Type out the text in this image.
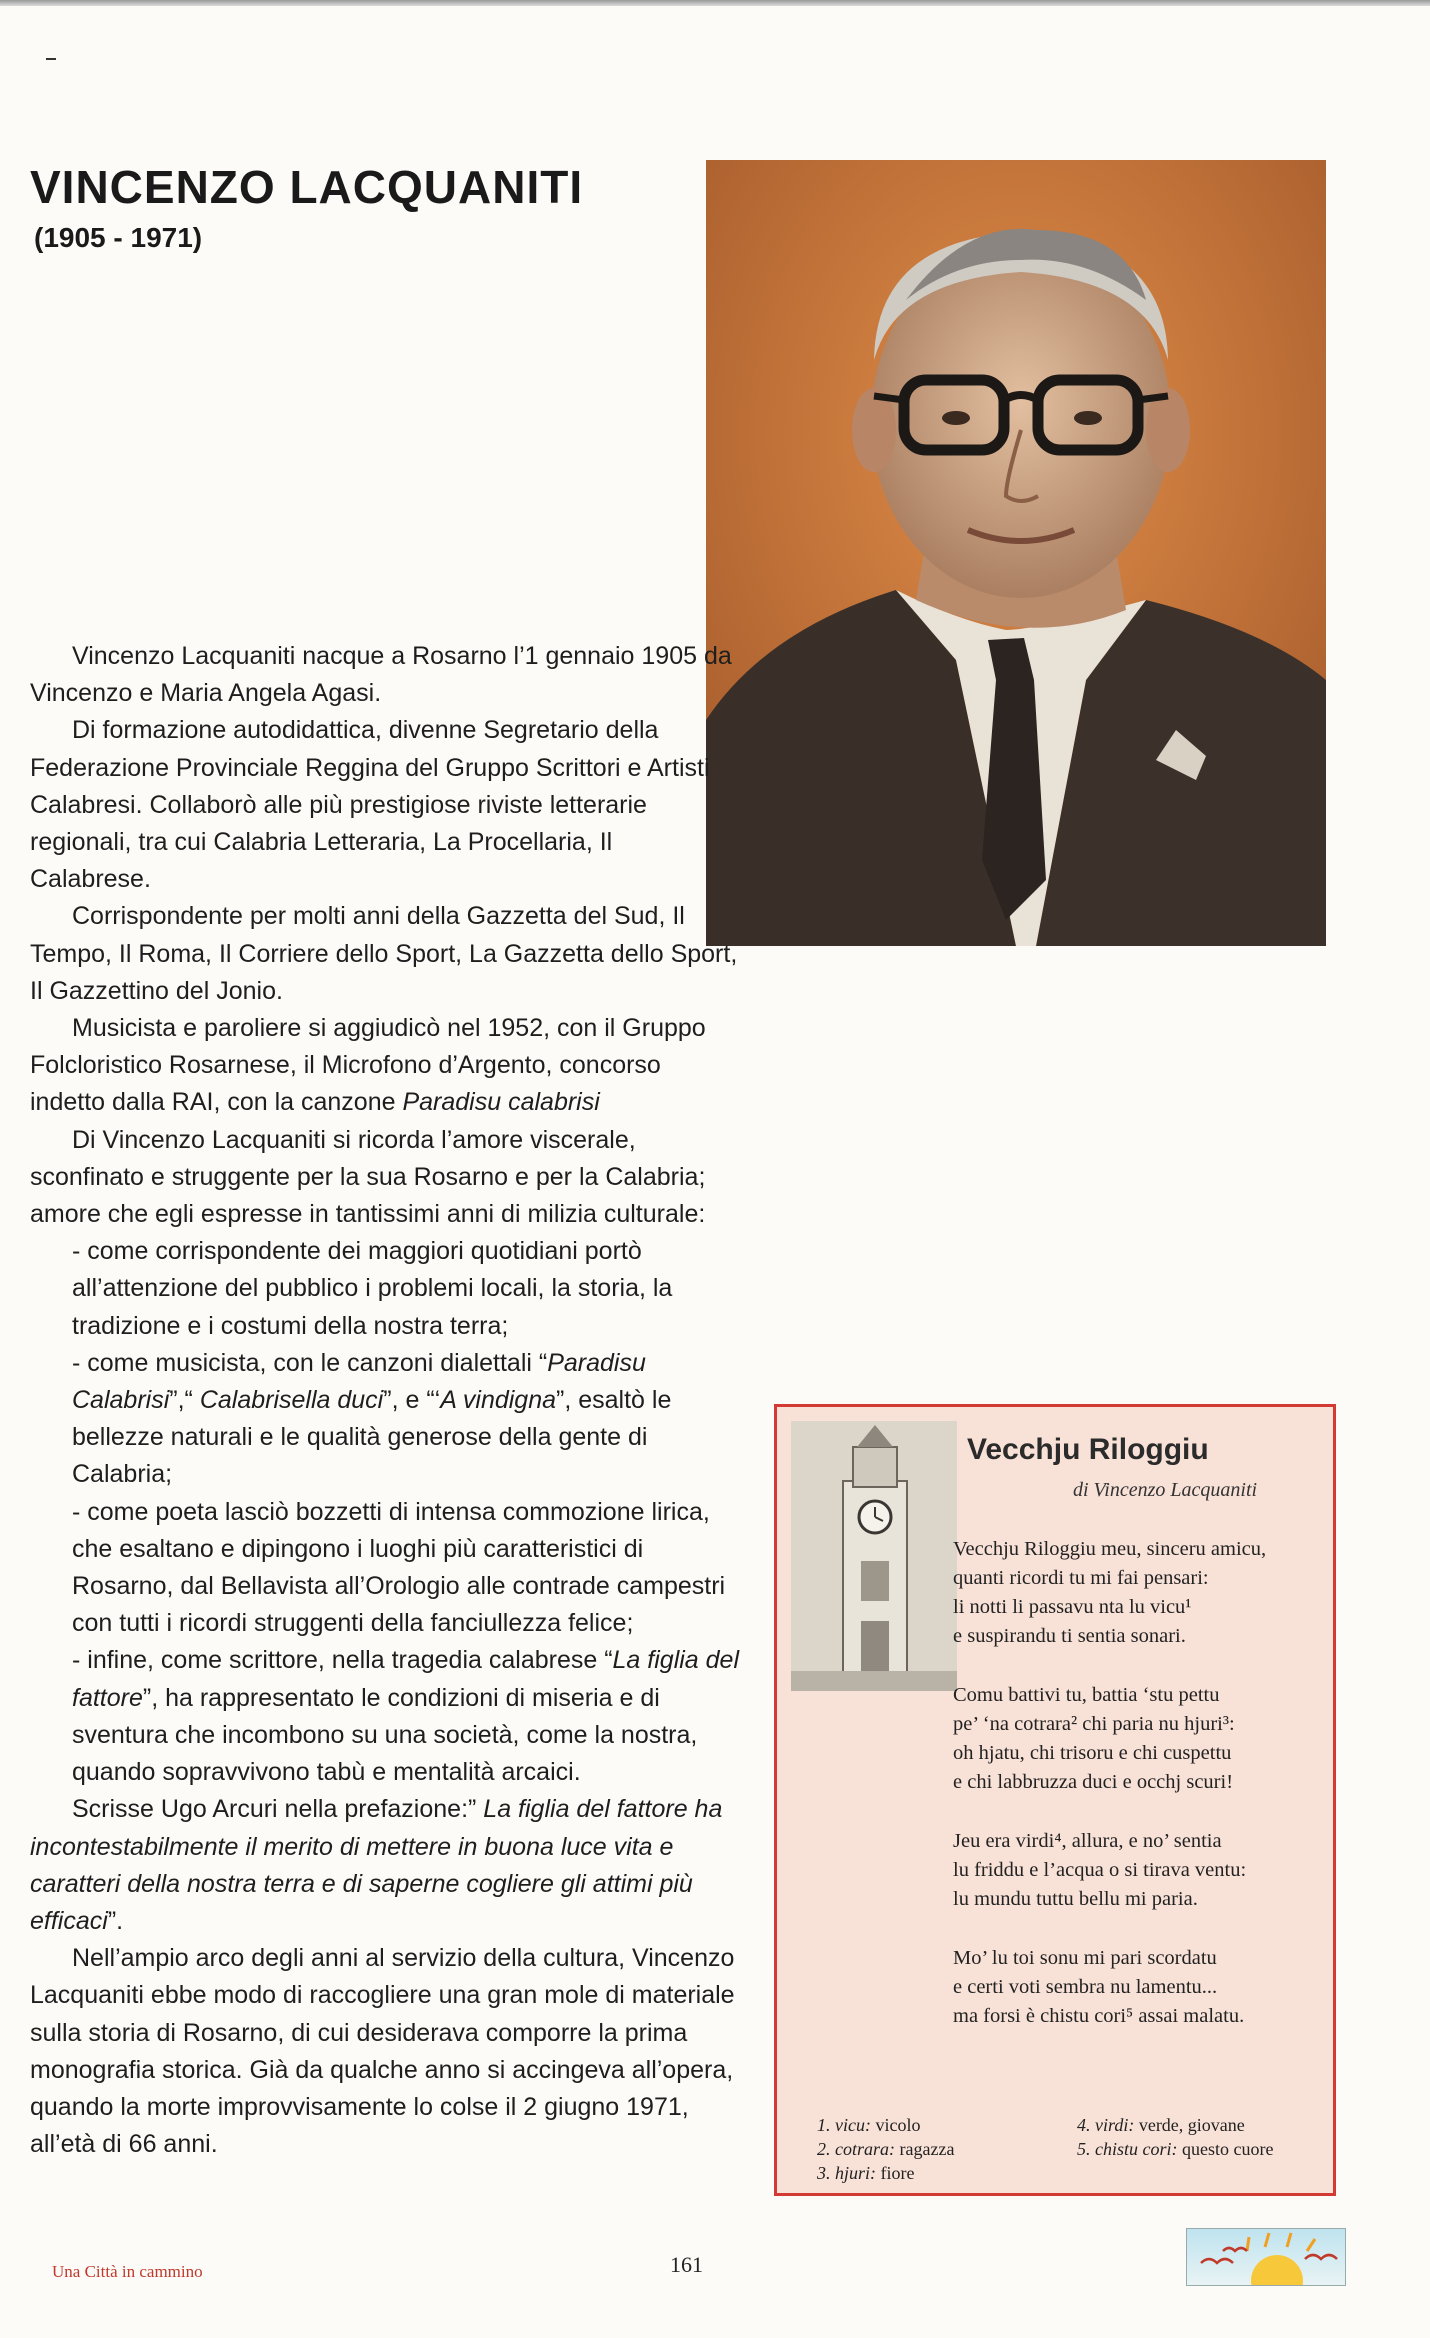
VINCENZO LACQUANITI
(1905 - 1971)

Vincenzo Lacquaniti nacque a Rosarno l’1 gennaio 1905 da Vincenzo e Maria Angela Agasi.

Di formazione autodidattica, divenne Segretario della Federazione Provinciale Reggina del Gruppo Scrittori e Artisti Calabresi. Collaborò alle più prestigiose riviste letterarie regionali, tra cui Calabria Letteraria, La Procellaria, Il Calabrese.

Corrispondente per molti anni della Gazzetta del Sud, Il Tempo, Il Roma, Il Corriere dello Sport, La Gazzetta dello Sport, Il Gazzettino del Jonio.

Musicista e paroliere si aggiudicò nel 1952, con il Gruppo Folcloristico Rosarnese, il Microfono d’Argento, concorso indetto dalla RAI, con la canzone Paradisu calabrisi

Di Vincenzo Lacquaniti si ricorda l’amore viscerale, sconfinato e struggente per la sua Rosarno e per la Calabria; amore che egli espresse in tantissimi anni di milizia culturale:

- come corrispondente dei maggiori quotidiani portò all’attenzione del pubblico i problemi locali, la storia, la tradizione e i costumi della nostra terra;

- come musicista, con le canzoni dialettali “Paradisu Calabrisi”,“ Calabrisella duci”, e “‘A vindigna”, esaltò le bellezze naturali e le qualità generose della gente di Calabria;

- come poeta lasciò bozzetti di intensa commozione lirica, che esaltano e dipingono i luoghi più caratteristici di Rosarno, dal Bellavista all’Orologio alle contrade campestri con tutti i ricordi struggenti della fanciullezza felice;

- infine, come scrittore, nella tragedia calabrese “La figlia del fattore”, ha rappresentato le condizioni di miseria e di sventura che incombono su una società, come la nostra, quando sopravvivono tabù e mentalità arcaici.

Scrisse Ugo Arcuri nella prefazione:” La figlia del fattore ha incontestabilmente il merito di mettere in buona luce vita e caratteri della nostra terra e di saperne cogliere gli attimi più efficaci”.

Nell’ampio arco degli anni al servizio della cultura, Vincenzo Lacquaniti ebbe modo di raccogliere una gran mole di materiale sulla storia di Rosarno, di cui desiderava comporre la prima monografia storica. Già da qualche anno si accingeva all’opera, quando la morte improvvisamente lo colse il 2 giugno 1971, all’età di 66 anni.

Vecchju Riloggiu
di Vincenzo Lacquaniti

Vecchju Riloggiu meu, sinceru amicu,
quanti ricordi tu mi fai pensari:
li notti li passavu nta lu vicu¹
e suspirandu ti sentia sonari.

Comu battivi tu, battia ‘stu pettu
pe’ ‘na cotrara² chi paria nu hjuri³:
oh hjatu, chi trisoru e chi cuspettu
e chi labbruzza duci e occhj scuri!

Jeu era virdi⁴, allura, e no’ sentia
lu friddu e l’acqua o si tirava ventu:
lu mundu tuttu bellu mi paria.

Mo’ lu toi sonu mi pari scordatu
e certi voti sembra nu lamentu...
ma forsi è chistu cori⁵ assai malatu.

1. vicu: vicolo
2. cotrara: ragazza
3. hjuri: fiore
4. virdi: verde, giovane
5. chistu cori: questo cuore
Una Città in cammino	161
